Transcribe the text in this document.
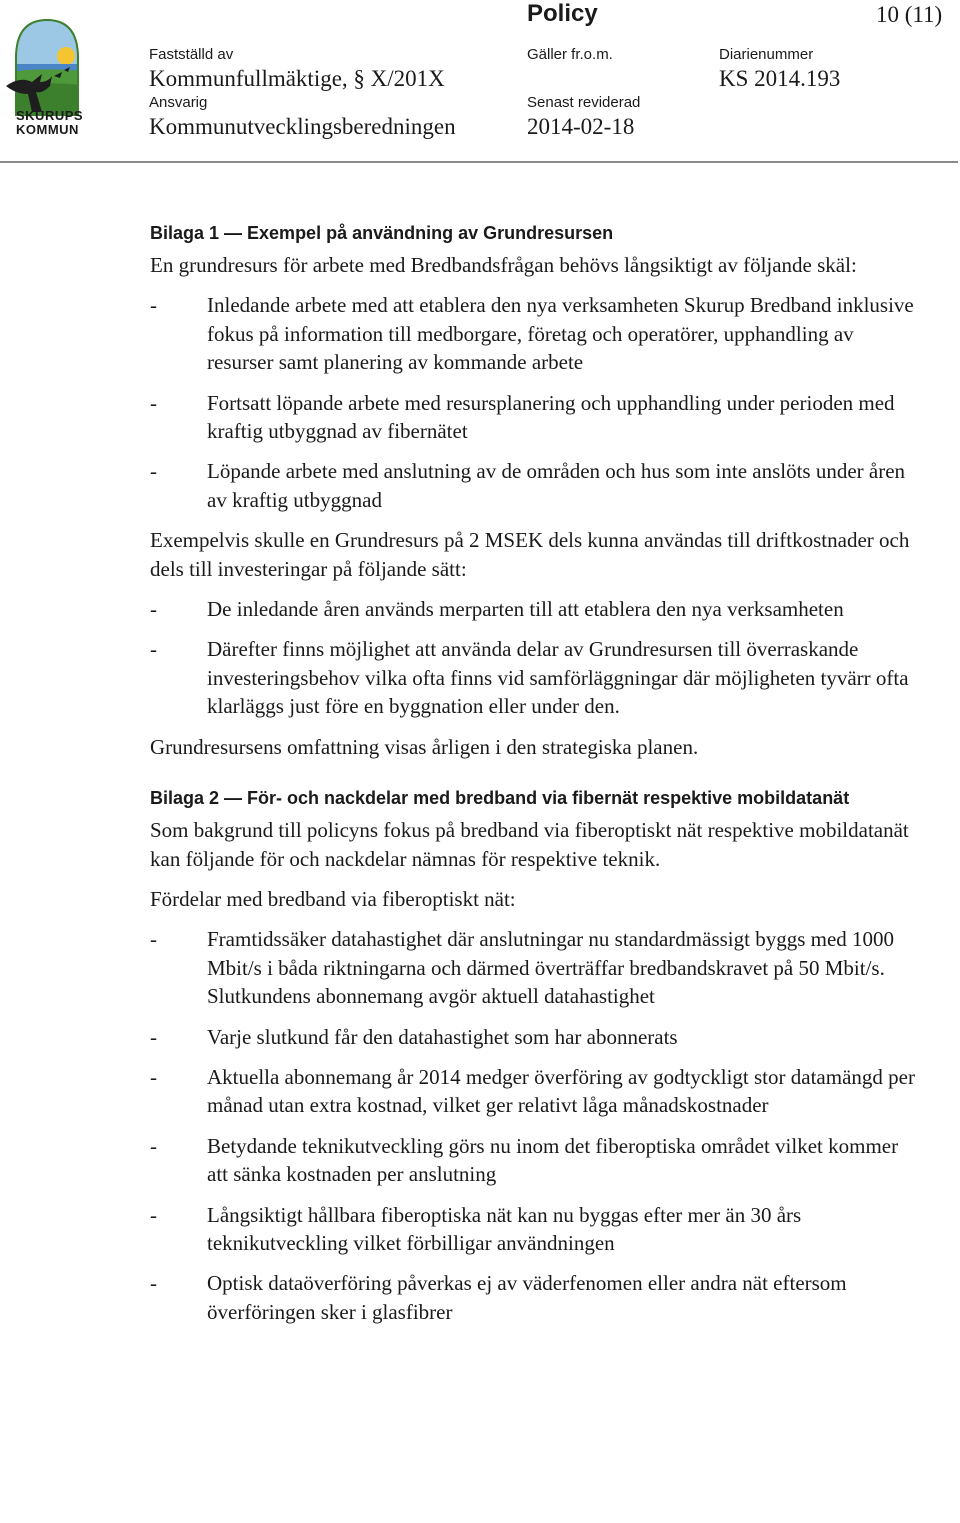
SKURUPS
KOMMUN
Policy	10 (11)
Fastställd av
Kommunfullmäktige, § X/201X
Gäller fr.o.m.	Diarienummer
KS 2014.193
Ansvarig
Kommunutvecklingsberedningen
Senast reviderad
2014-02-18
Bilaga 1 — Exempel på användning av Grundresursen
En grundresurs för arbete med Bredbandsfrågan behövs långsiktigt av följande skäl:
-	Inledande arbete med att etablera den nya verksamheten Skurup Bredband inklusive fokus på information till medborgare, företag och operatörer, upphandling av resurser samt planering av kommande arbete
-	Fortsatt löpande arbete med resursplanering och upphandling under perioden med kraftig utbyggnad av fibernätet
-	Löpande arbete med anslutning av de områden och hus som inte anslöts under åren av kraftig utbyggnad
Exempelvis skulle en Grundresurs på 2 MSEK dels kunna användas till driftkostnader och dels till investeringar på följande sätt:
-	De inledande åren används merparten till att etablera den nya verksamheten
-	Därefter finns möjlighet att använda delar av Grundresursen till överraskande investeringsbehov vilka ofta finns vid samförläggningar där möjligheten tyvärr ofta klarläggs just före en byggnation eller under den.
Grundresursens omfattning visas årligen i den strategiska planen.
Bilaga 2 — För- och nackdelar med bredband via fibernät respektive mobildatanät
Som bakgrund till policyns fokus på bredband via fiberoptiskt nät respektive mobildatanät kan följande för och nackdelar nämnas för respektive teknik.
Fördelar med bredband via fiberoptiskt nät:
-	Framtidssäker datahastighet där anslutningar nu standardmässigt byggs med 1000 Mbit/s i båda riktningarna och därmed överträffar bredbandskravet på 50 Mbit/s. Slutkundens abonnemang avgör aktuell datahastighet
-	Varje slutkund får den datahastighet som har abonnerats
-	Aktuella abonnemang år 2014 medger överföring av godtyckligt stor datamängd per månad utan extra kostnad, vilket ger relativt låga månadskostnader
-	Betydande teknikutveckling görs nu inom det fiberoptiska området vilket kommer att sänka kostnaden per anslutning
-	Långsiktigt hållbara fiberoptiska nät kan nu byggas efter mer än 30 års teknikutveckling vilket förbilligar användningen
-	Optisk dataöverföring påverkas ej av väderfenomen eller andra nät eftersom överföringen sker i glasfibrer
